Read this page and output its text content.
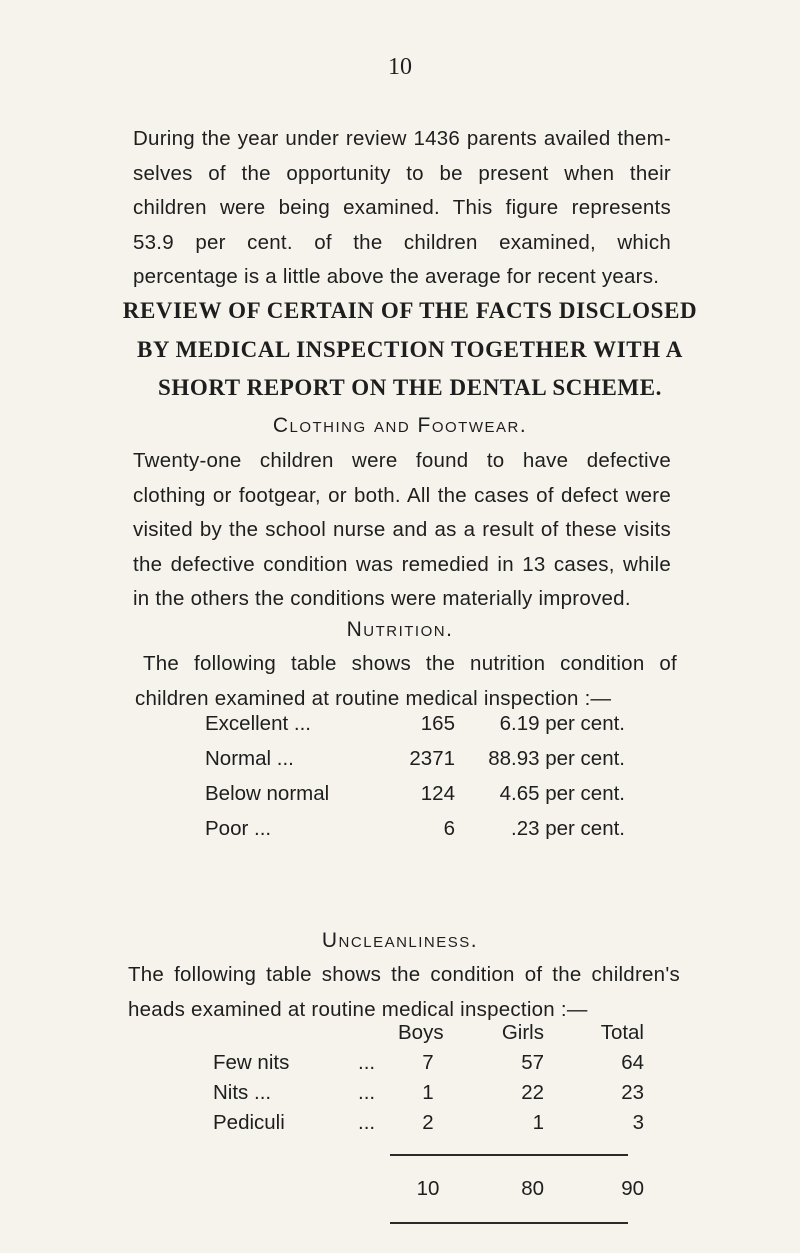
10

During the year under review 1436 parents availed them-selves of the opportunity to be present when their children were being examined. This figure represents 53.9 per cent. of the children examined, which percentage is a little above the average for recent years.

REVIEW OF CERTAIN OF THE FACTS DISCLOSED BY MEDICAL INSPECTION TOGETHER WITH A SHORT REPORT ON THE DENTAL SCHEME.
Clothing and Footwear.

Twenty-one children were found to have defective clothing or footgear, or both. All the cases of defect were visited by the school nurse and as a result of these visits the defective condition was remedied in 13 cases, while in the others the conditions were materially improved.

Nutrition.

The following table shows the nutrition condition of children examined at routine medical inspection :—

Excellent ...	165	6.19 per cent.
Normal ...	2371	88.93 per cent.
Below normal	124	4.65 per cent.
Poor ...	6	.23 per cent.
Uncleanliness.

The following table shows the condition of the children's heads examined at routine medical inspection :—

		Boys	Girls	Total
Few nits	...	7	57	64
Nits ...	...	1	22	23
Pediculi	...	2	1	3

		10	80	90
